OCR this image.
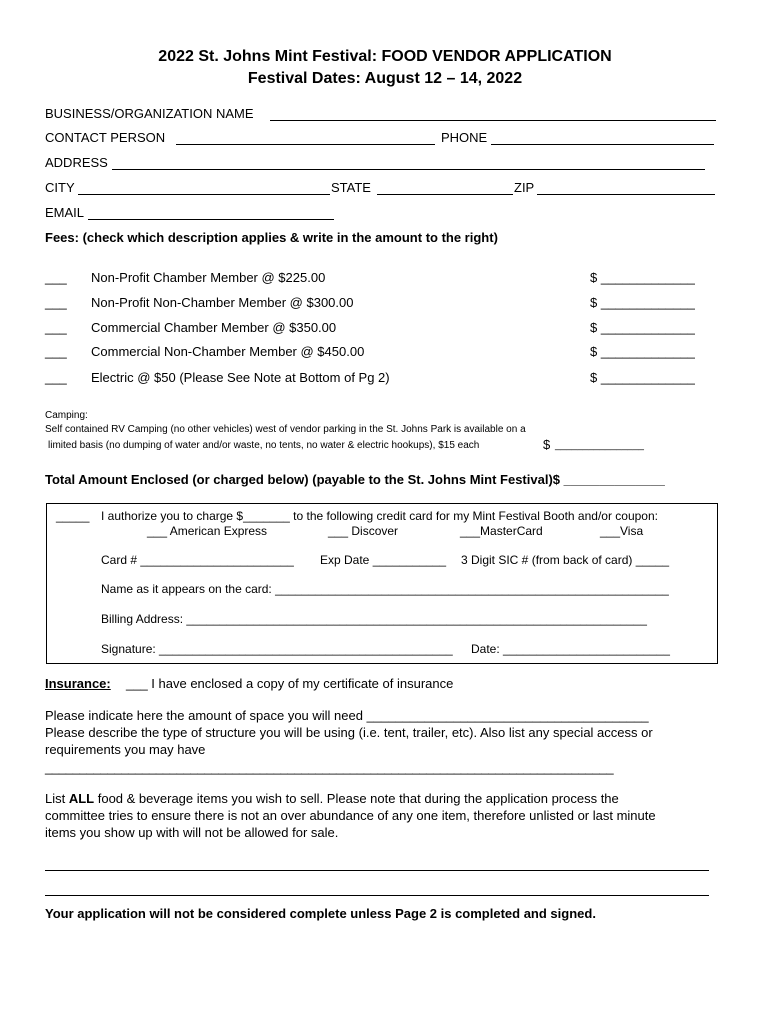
2022 St. Johns Mint Festival: FOOD VENDOR APPLICATION
Festival Dates: August 12 – 14, 2022
BUSINESS/ORGANIZATION NAME
CONTACT PERSON	PHONE
ADDRESS
CITY	STATE	ZIP
EMAIL
Fees: (check which description applies & write in the amount to the right)
___ Non-Profit Chamber Member @ $225.00	$ _____________
___ Non-Profit Non-Chamber Member @ $300.00	$ _____________
___ Commercial Chamber Member @ $350.00	$ _____________
___ Commercial Non-Chamber Member @ $450.00	$ _____________
___ Electric @ $50 (Please See Note at Bottom of Pg 2)	$ _____________
Camping:
Self contained RV Camping (no other vehicles) west of vendor parking in the St. Johns Park is available on a
limited basis (no dumping of water and/or waste, no tents, no water & electric hookups), $15 each	$ ________________
Total Amount Enclosed (or charged below) (payable to the St. Johns Mint Festival)$ ______________
_____ I authorize you to charge $_______ to the following credit card for my Mint Festival Booth and/or coupon:
___ American Express	___ Discover	___MasterCard	___Visa
Card # _______________________ Exp Date ___________ 3 Digit SIC # (from back of card) _____
Name as it appears on the card: ___________________________________________________________
Billing Address: _____________________________________________________________________
Signature: ____________________________________________ Date: _________________________
Insurance: ___ I have enclosed a copy of my certificate of insurance
Please indicate here the amount of space you will need _______________________________________
Please describe the type of structure you will be using (i.e. tent, trailer, etc). Also list any special access or
requirements you may have
__________________________________________________________________________________
List ALL food & beverage items you wish to sell. Please note that during the application process the
committee tries to ensure there is not an over abundance of any one item, therefore unlisted or last minute
items you show up with will not be allowed for sale.
Your application will not be considered complete unless Page 2 is completed and signed.
